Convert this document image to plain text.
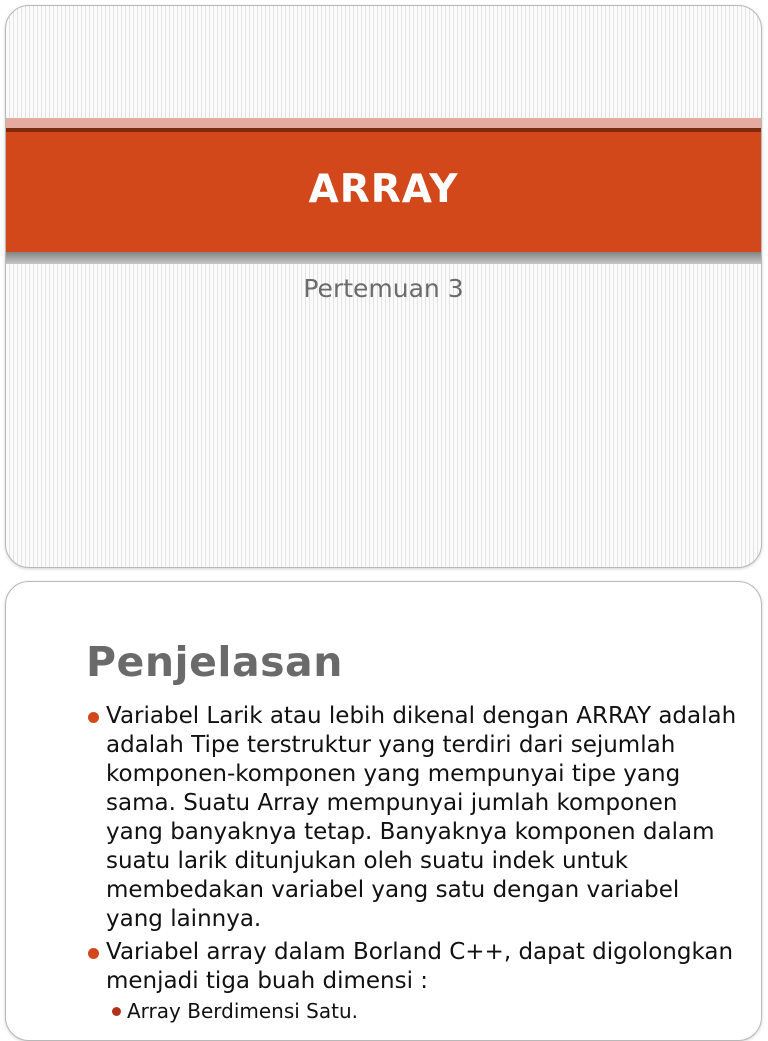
ARRAY
Pertemuan 3
Penjelasan
Variabel Larik atau lebih dikenal dengan ARRAY adalah adalah Tipe terstruktur yang terdiri dari sejumlah komponen-komponen yang mempunyai tipe yang sama. Suatu Array mempunyai jumlah komponen yang banyaknya tetap. Banyaknya komponen dalam suatu larik ditunjukan oleh suatu indek untuk membedakan variabel yang satu dengan variabel yang lainnya.
Variabel array dalam Borland C++, dapat digolongkan menjadi tiga buah dimensi :
Array Berdimensi Satu.
